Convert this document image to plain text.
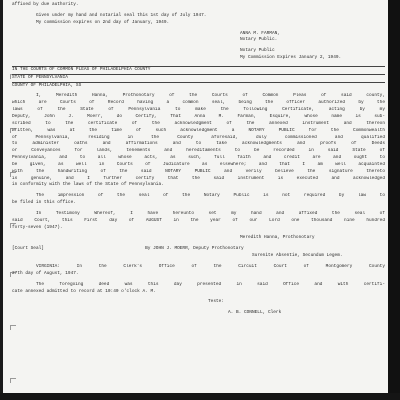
affixed by due authority.
Given under my hand and notarial seal this 1st day of July 1947.
My commission expires on 2nd day of January, 1949.
ANNA M. FARMAN,
Notary Public.
Notary Public
My Commission Expires January 2, 1949.
IN THE COURTS OF COMMON PLEAS OF PHILADELPHIA COUNTY
STATE OF PENNSYLVANIA
COUNTY OF PHILADELPHIA, SS
I, Meredith Hanna, Prothonotary of the Courts of Common Pleas of said county,
which are Courts of Record having a common seal, being the officer authorized by the
laws of the State of Pennsylvania to make the following Certificate, acting by my
Deputy, John J. Moerr, do Certify, That Anna M. Farman, Esquire, whose name is sub-
scribed to the certificate of the acknowledgment of the annexed instrument and thereon
written, was at the time of such acknowledgment a NOTARY PUBLIC for the Commonwealth
of Pennsylvania, residing in the County aforesaid, duly commissioned and qualified
to administer oaths and affirmations and to take acknowledgments and proofs of Deeds
or Conveyances for lands, tenements and hereditaments to be recorded in said State of
Pennsylvania, and to all whose acts, as such, full faith and credit are and ought to
be given, as well in Courts of Judicature as elsewhere; and that I am well acquainted
with the handwriting of the said NOTARY PUBLIC and verily believe the signature thereto
is genuine, and I further certify that the said instrument is executed and acknowledged
in conformity with the laws of the State of Pennsylvania.
The impression of the seal of the Notary Public is not required by law to
be filed in this office.
In Testimony Whereof, I have hereunto set my hand and affixed the seal of
said Court, this First day of AUGUST in the year of our Lord one thousand nine hundred
forty-seven (1947).
Meredith Hanna, Prothonotary
[Court Seal]                                      By JOHN J. MOERR, Deputy Prothonotary
Surenite Absentie, Secundum Legem.
VIRGINIA: In the Clerk's Office of the Circuit Court of Montgomery County
27th day of August, 1947.
The foregoing deed was this day presented in said Office and with certifi-
cate annexed admitted to record at 10:40 o'clock A. M.
Teste:
A. B. CONNELL, Clerk
